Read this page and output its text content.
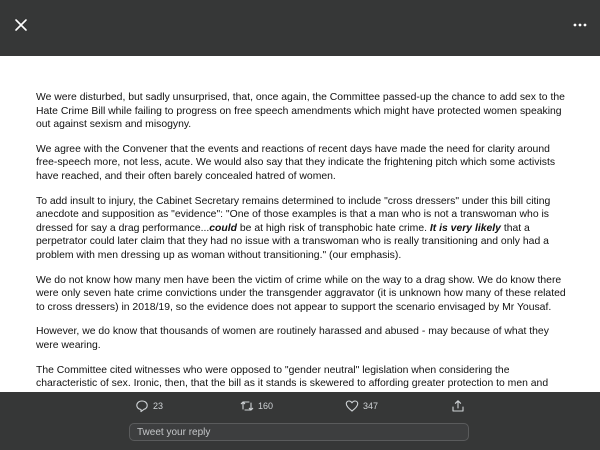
We were disturbed, but sadly unsurprised, that, once again, the Committee passed-up the chance to add sex to the Hate Crime Bill while failing to progress on free speech amendments which might have protected women speaking out against sexism and misogyny.

We agree with the Convener that the events and reactions of recent days have made the need for clarity around free-speech more, not less, acute. We would also say that they indicate the frightening pitch which some activists have reached, and their often barely concealed hatred of women.

To add insult to injury, the Cabinet Secretary remains determined to include "cross dressers" under this bill citing anecdote and supposition as "evidence": "One of those examples is that a man who is not a transwoman who is dressed for say a drag performance...could be at high risk of transphobic hate crime. It is very likely that a perpetrator could later claim that they had no issue with a transwoman who is really transitioning and only had a problem with men dressing up as woman without transitioning." (our emphasis).

We do not know how many men have been the victim of crime while on the way to a drag show. We do know there were only seven hate crime convictions under the transgender aggravator (it is unknown how many of these related to cross dressers) in 2018/19, so the evidence does not appear to support the scenario envisaged by Mr Yousaf.

However, we do know that thousands of women are routinely harassed and abused - may because of what they were wearing.

The Committee cited witnesses who were opposed to "gender neutral" legislation when considering the characteristic of sex. Ironic, then, that the bill as it stands is skewered to affording greater protection to men and

23	160	347
Tweet your reply
